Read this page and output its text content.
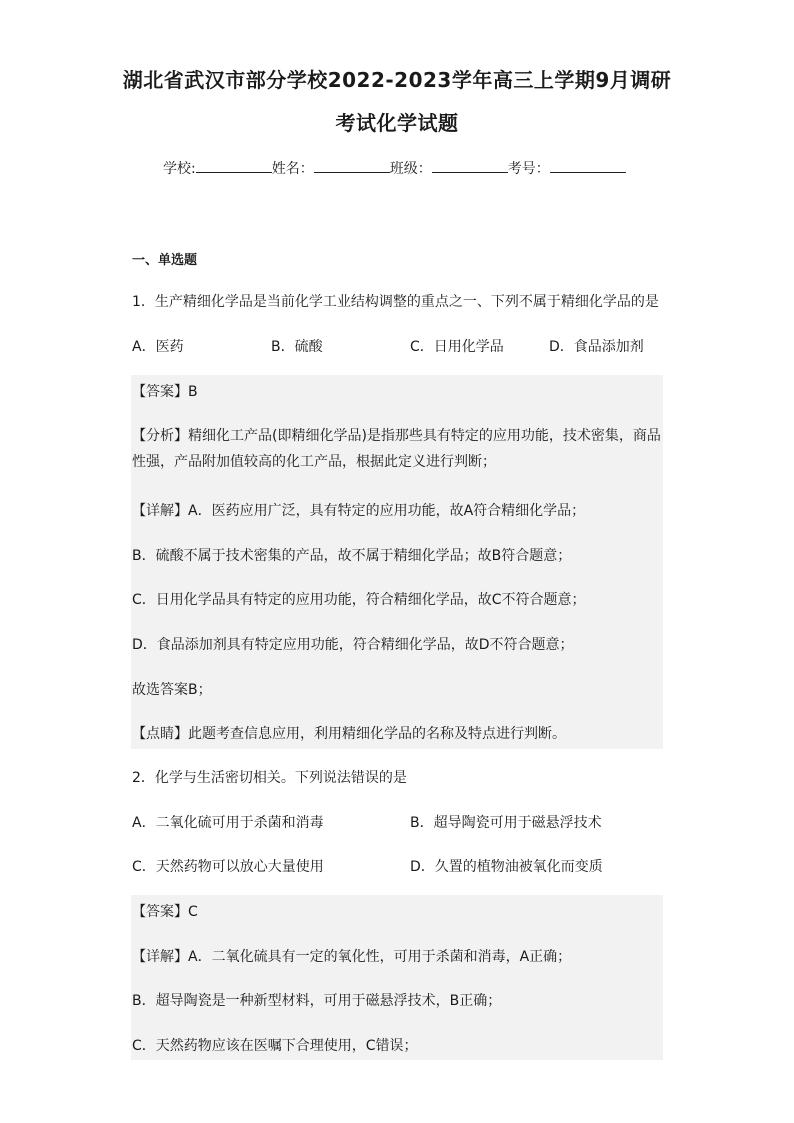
湖北省武汉市部分学校2022-2023学年高三上学期9月调研
考试化学试题
学校:	姓名：	班级：	考号：
一、单选题
1．生产精细化学品是当前化学工业结构调整的重点之一、下列不属于精细化学品的是
A．医药	B．硫酸	C．日用化学品	D．食品添加剂
【答案】B
【分析】精细化工产品(即精细化学品)是指那些具有特定的应用功能，技术密集，商品性强，产品附加值较高的化工产品，根据此定义进行判断；
【详解】A．医药应用广泛，具有特定的应用功能，故A符合精细化学品；
B．硫酸不属于技术密集的产品，故不属于精细化学品；故B符合题意；
C．日用化学品具有特定的应用功能，符合精细化学品，故C不符合题意；
D．食品添加剂具有特定应用功能，符合精细化学品，故D不符合题意；
故选答案B；
【点睛】此题考查信息应用，利用精细化学品的名称及特点进行判断。
2．化学与生活密切相关。下列说法错误的是
A．二氧化硫可用于杀菌和消毒	B．超导陶瓷可用于磁悬浮技术
C．天然药物可以放心大量使用	D．久置的植物油被氧化而变质
【答案】C
【详解】A．二氧化硫具有一定的氧化性，可用于杀菌和消毒，A正确；
B．超导陶瓷是一种新型材料，可用于磁悬浮技术，B正确；
C．天然药物应该在医嘱下合理使用，C错误；
